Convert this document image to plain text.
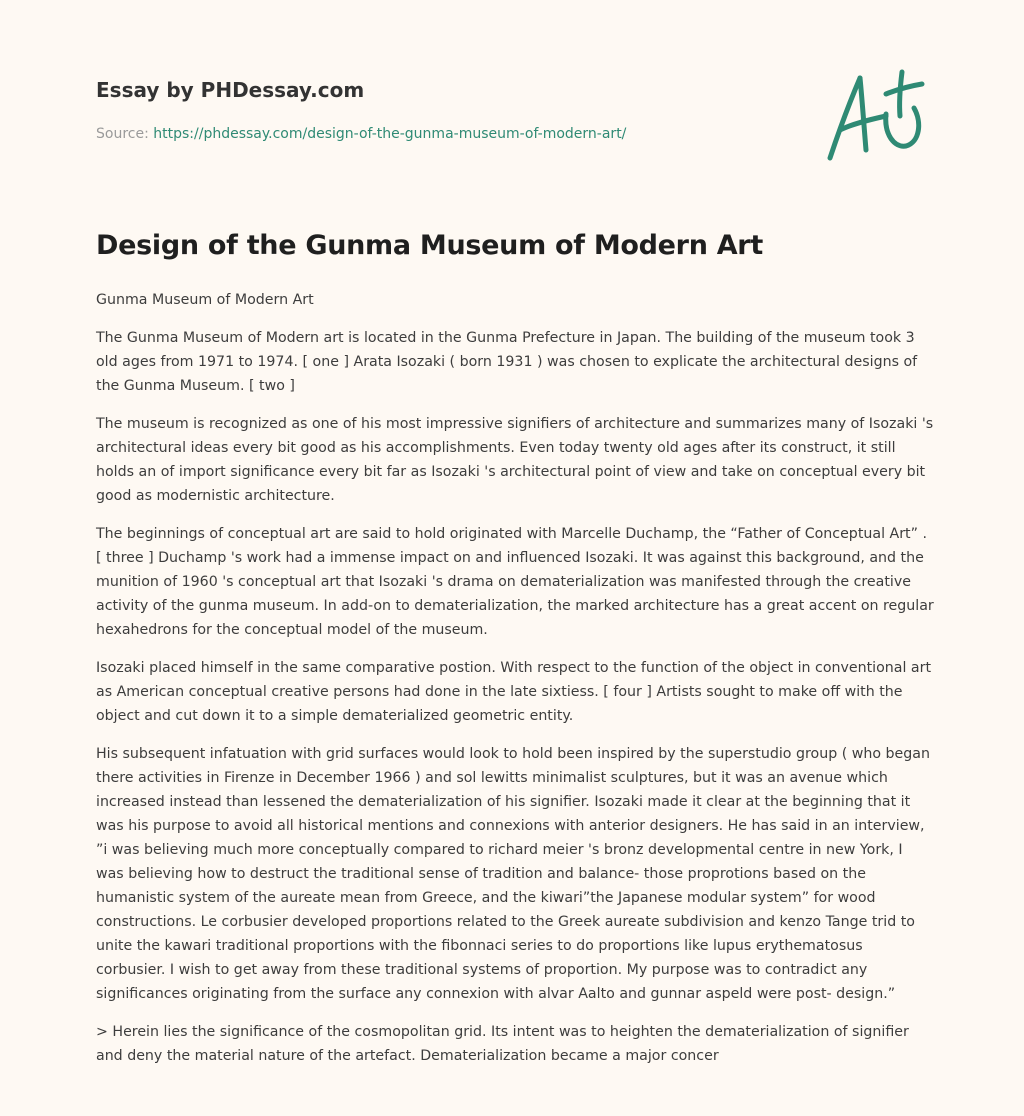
Essay by PHDessay.com
Source: https://phdessay.com/design-of-the-gunma-museum-of-modern-art/
Design of the Gunma Museum of Modern Art

Gunma Museum of Modern Art

The Gunma Museum of Modern art is located in the Gunma Prefecture in Japan. The building of the museum took 3 old ages from 1971 to 1974. [ one ] Arata Isozaki ( born 1931 ) was chosen to explicate the architectural designs of the Gunma Museum. [ two ]

The museum is recognized as one of his most impressive signifiers of architecture and summarizes many of Isozaki 's architectural ideas every bit good as his accomplishments. Even today twenty old ages after its construct, it still holds an of import significance every bit far as Isozaki 's architectural point of view and take on conceptual every bit good as modernistic architecture.

The beginnings of conceptual art are said to hold originated with Marcelle Duchamp, the “Father of Conceptual Art” . [ three ] Duchamp 's work had a immense impact on and influenced Isozaki. It was against this background, and the munition of 1960 's conceptual art that Isozaki 's drama on dematerialization was manifested through the creative activity of the gunma museum. In add-on to dematerialization, the marked architecture has a great accent on regular hexahedrons for the conceptual model of the museum.

Isozaki placed himself in the same comparative postion. With respect to the function of the object in conventional art as American conceptual creative persons had done in the late sixtiess. [ four ] Artists sought to make off with the object and cut down it to a simple dematerialized geometric entity.

His subsequent infatuation with grid surfaces would look to hold been inspired by the superstudio group ( who began there activities in Firenze in December 1966 ) and sol lewitts minimalist sculptures, but it was an avenue which increased instead than lessened the dematerialization of his signifier. Isozaki made it clear at the beginning that it was his purpose to avoid all historical mentions and connexions with anterior designers. He has said in an interview, ”i was believing much more conceptually compared to richard meier 's bronz developmental centre in new York, I was believing how to destruct the traditional sense of tradition and balance- those proprotions based on the humanistic system of the aureate mean from Greece, and the kiwari”the Japanese modular system” for wood constructions. Le corbusier developed proportions related to the Greek aureate subdivision and kenzo Tange trid to unite the kawari traditional proportions with the fibonnaci series to do proportions like lupus erythematosus corbusier. I wish to get away from these traditional systems of proportion. My purpose was to contradict any significances originating from the surface any connexion with alvar Aalto and gunnar aspeld were post- design.”

> Herein lies the significance of the cosmopolitan grid. Its intent was to heighten the dematerialization of signifier and deny the material nature of the artefact. Dematerialization became a major concer
